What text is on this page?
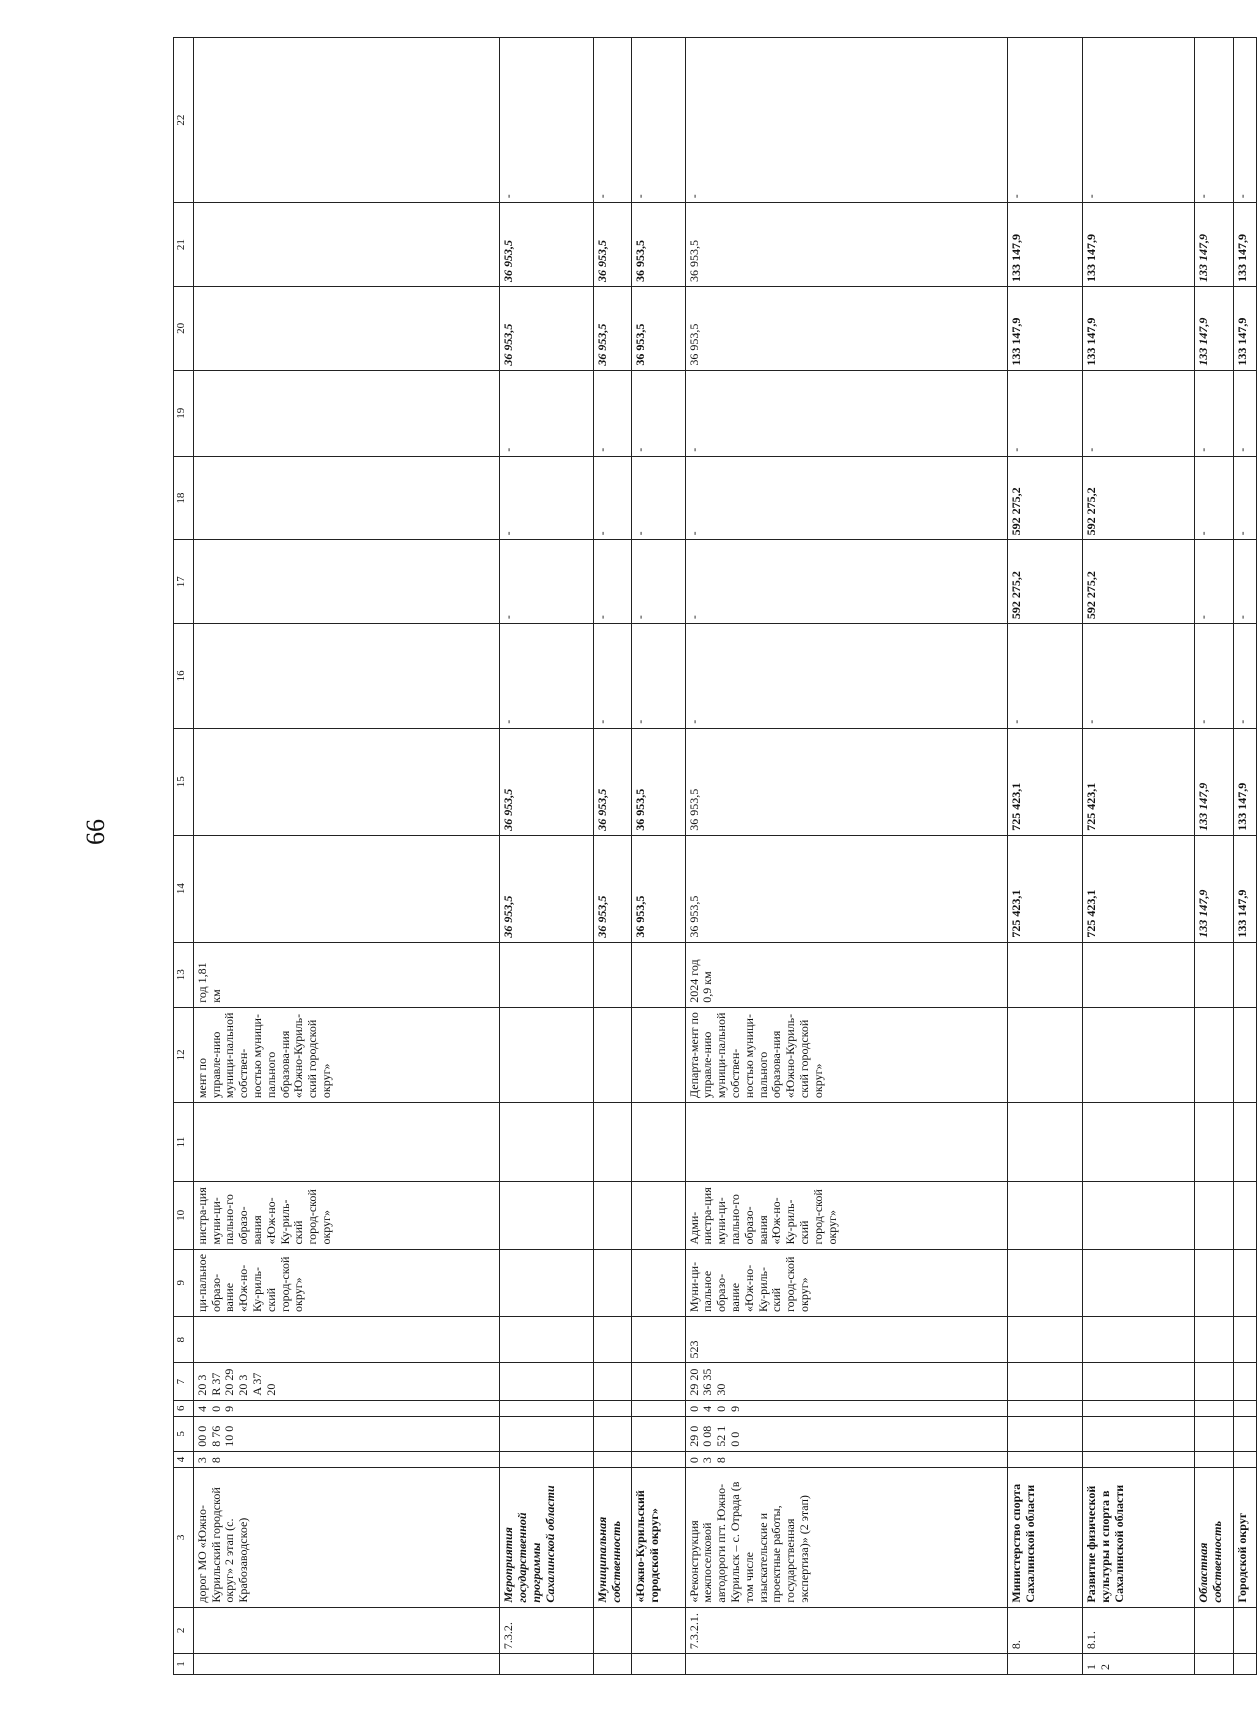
66
1	2	3	4	5	6	7	8	9	10	11	12	13	14	15	16	17	18	19	20	21	22
		дорог МО «Южно-Курильский городской округ» 2 этап (с. Крабозаводское)	3 8	00 08 76 10 0	4 0 9	20 3R 37 20 29 20 3A 37 20		ци-пальное образо-вание «Юж-но-Ку-риль-ский город-ской округ»	нистра-ция муни-ци-пально-го образо-вания «Юж-но-Ку-риль-ский город-ской округ»		мент по управле-нию муници-пальной собствен-ностью муници-пального образова-ния «Южно-Куриль-ский городской округ»	год 1,81 км									
	7.3.2.	Мероприятия государственной программы Сахалинской области											36 953,5	36 953,5	-	-	-	-	36 953,5	36 953,5	-
		Муниципальная собственность											36 953,5	36 953,5	-	-	-	-	36 953,5	36 953,5	-
		«Южно-Курильский городской округ»											36 953,5	36 953,5	-	-	-	-	36 953,5	36 953,5	-
	7.3.2.1.	«Реконструкция межпоселковой автодороги пгт. Южно-Курильск – с. Отрада (в том числе изыскательские и проектные работы, государственная экспертиза)» (2 этап)	0 3 8	29 00 08 52 10 0	0 4 0 9	29 20 36 35 30	523	Муни-ци-пальное образо-вание «Юж-но-Ку-риль-ский город-ской округ»	Адми-нистра-ция муни-ци-пально-го образо-вания «Юж-но-Ку-риль-ский город-ской округ»		Департа-мент по управле-нию муници-пальной собствен-ностью муници-пального образова-ния «Южно-Куриль-ский городской округ»	2024 год 0,9 км	36 953,5	36 953,5	-	-	-	-	36 953,5	36 953,5	-
	8.	Министерство спорта Сахалинской области											725 423,1	725 423,1	-	592 275,2	592 275,2	-	133 147,9	133 147,9	-
1 2	8.1.	Развитие физической культуры и спорта в Сахалинской области											725 423,1	725 423,1	-	592 275,2	592 275,2	-	133 147,9	133 147,9	-
		Областная собственность											133 147,9	133 147,9	-	-	-	-	133 147,9	133 147,9	-
		Городской округ											133 147,9	133 147,9	-	-	-	-	133 147,9	133 147,9	-
